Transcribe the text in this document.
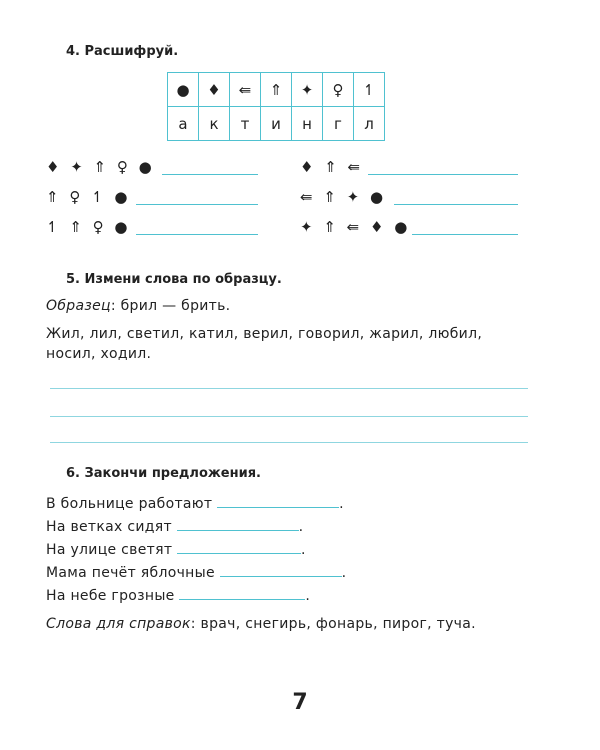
4. Расшифруй.
●	♦	⇚	⇑	✦	♀	↿
а	к	т	и	н	г	л
♦ ✦ ⇑ ♀ ●
⇑ ♀ ↿ ●
↿ ⇑ ♀ ●
♦ ⇑ ⇚
⇚ ⇑ ✦ ●
✦ ⇑ ⇚ ♦ ●
5. Измени слова по образцу.
Образец: брил — брить.
Жил, лил, светил, катил, верил, говорил, жарил, любил,
носил, ходил.
6. Закончи предложения.
В больнице работают	.
На ветках сидят	.
На улице светят	.
Мама печёт яблочные	.
На небе грозные	.
Слова для справок: врач, снегирь, фонарь, пирог, туча.
7
